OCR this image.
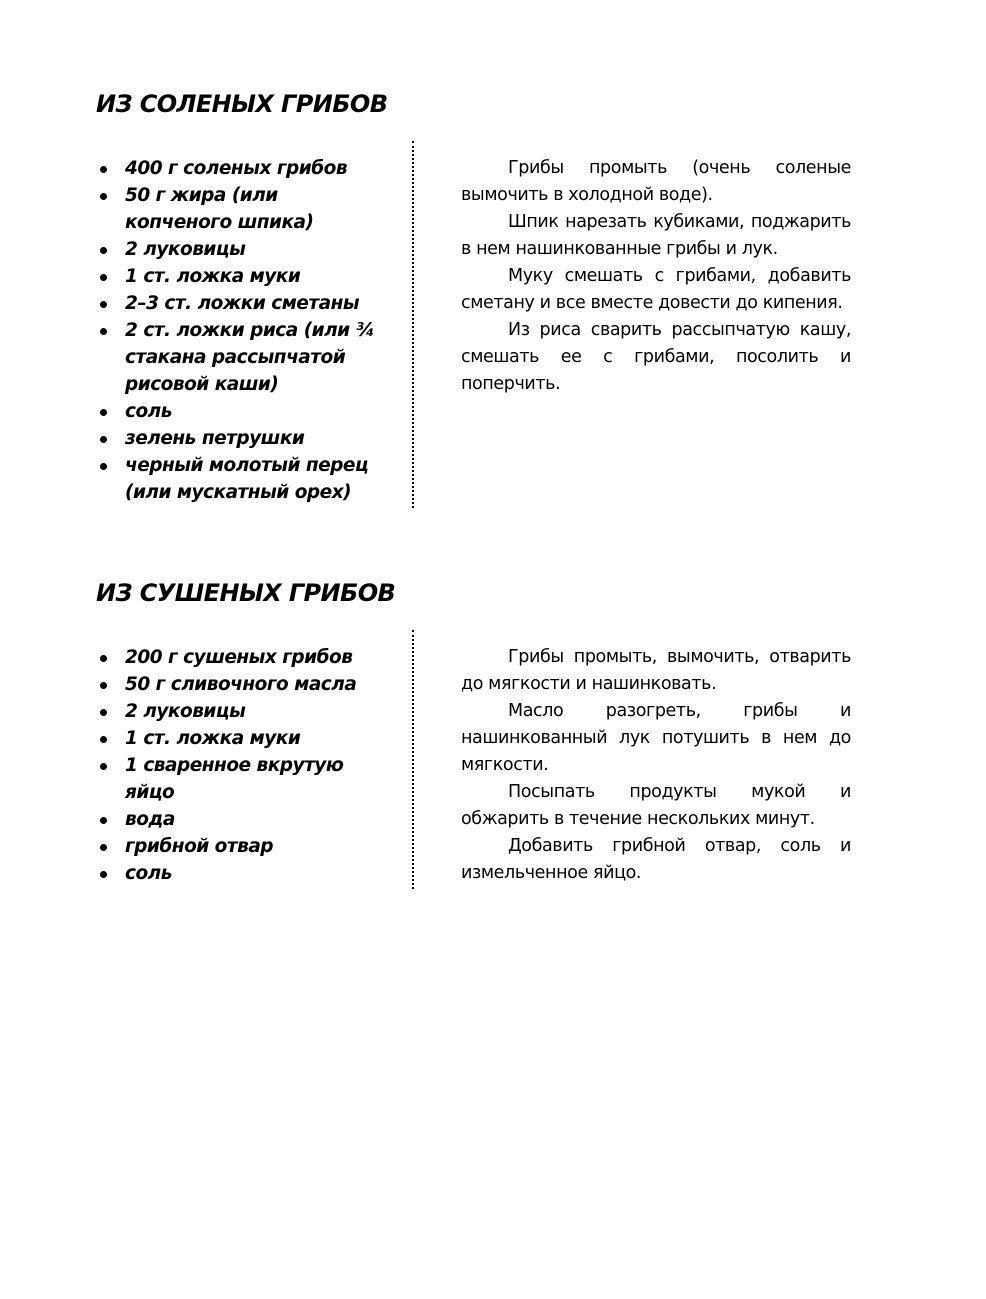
ИЗ СОЛЕНЫХ ГРИБОВ
400 г соленых грибов
50 г жира (или копченого шпика)
2 луковицы
1 ст. ложка муки
2–3 ст. ложки сметаны
2 ст. ложки риса (или ¾ стакана рассыпчатой рисовой каши)
соль
зелень петрушки
черный молотый перец (или мускатный орех)

Грибы промыть (очень соленые вымочить в холодной воде).

Шпик нарезать кубиками, поджарить в нем нашинкованные грибы и лук.

Муку смешать с грибами, добавить сметану и все вместе довести до кипения.

Из риса сварить рассыпчатую кашу, смешать ее с грибами, посолить и поперчить.

ИЗ СУШЕНЫХ ГРИБОВ
200 г сушеных грибов
50 г сливочного масла
2 луковицы
1 ст. ложка муки
1 сваренное вкрутую яйцо
вода
грибной отвар
соль

Грибы промыть, вымочить, отварить до мягкости и нашинковать.

Масло разогреть, грибы и нашинкованный лук потушить в нем до мягкости.

Посыпать продукты мукой и обжарить в течение нескольких минут.

Добавить грибной отвар, соль и измельченное яйцо.
